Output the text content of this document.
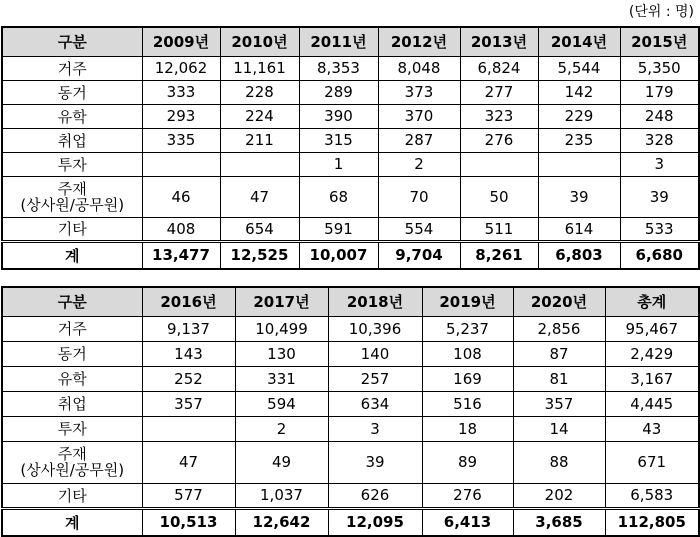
(단위 : 명)
구분	2009년	2010년	2011년	2012년	2013년	2014년	2015년
거주	12,062	11,161	8,353	8,048	6,824	5,544	5,350
동거	333	228	289	373	277	142	179
유학	293	224	390	370	323	229	248
취업	335	211	315	287	276	235	328
투자			1	2			3

주재
(상사원/공무원)	46	47	68	70	50	39	39
기타	408	654	591	554	511	614	533
계	13,477	12,525	10,007	9,704	8,261	6,803	6,680
구분	2016년	2017년	2018년	2019년	2020년	총계
거주	9,137	10,499	10,396	5,237	2,856	95,467
동거	143	130	140	108	87	2,429
유학	252	331	257	169	81	3,167
취업	357	594	634	516	357	4,445
투자		2	3	18	14	43

주재
(상사원/공무원)	47	49	39	89	88	671
기타	577	1,037	626	276	202	6,583
계	10,513	12,642	12,095	6,413	3,685	112,805
